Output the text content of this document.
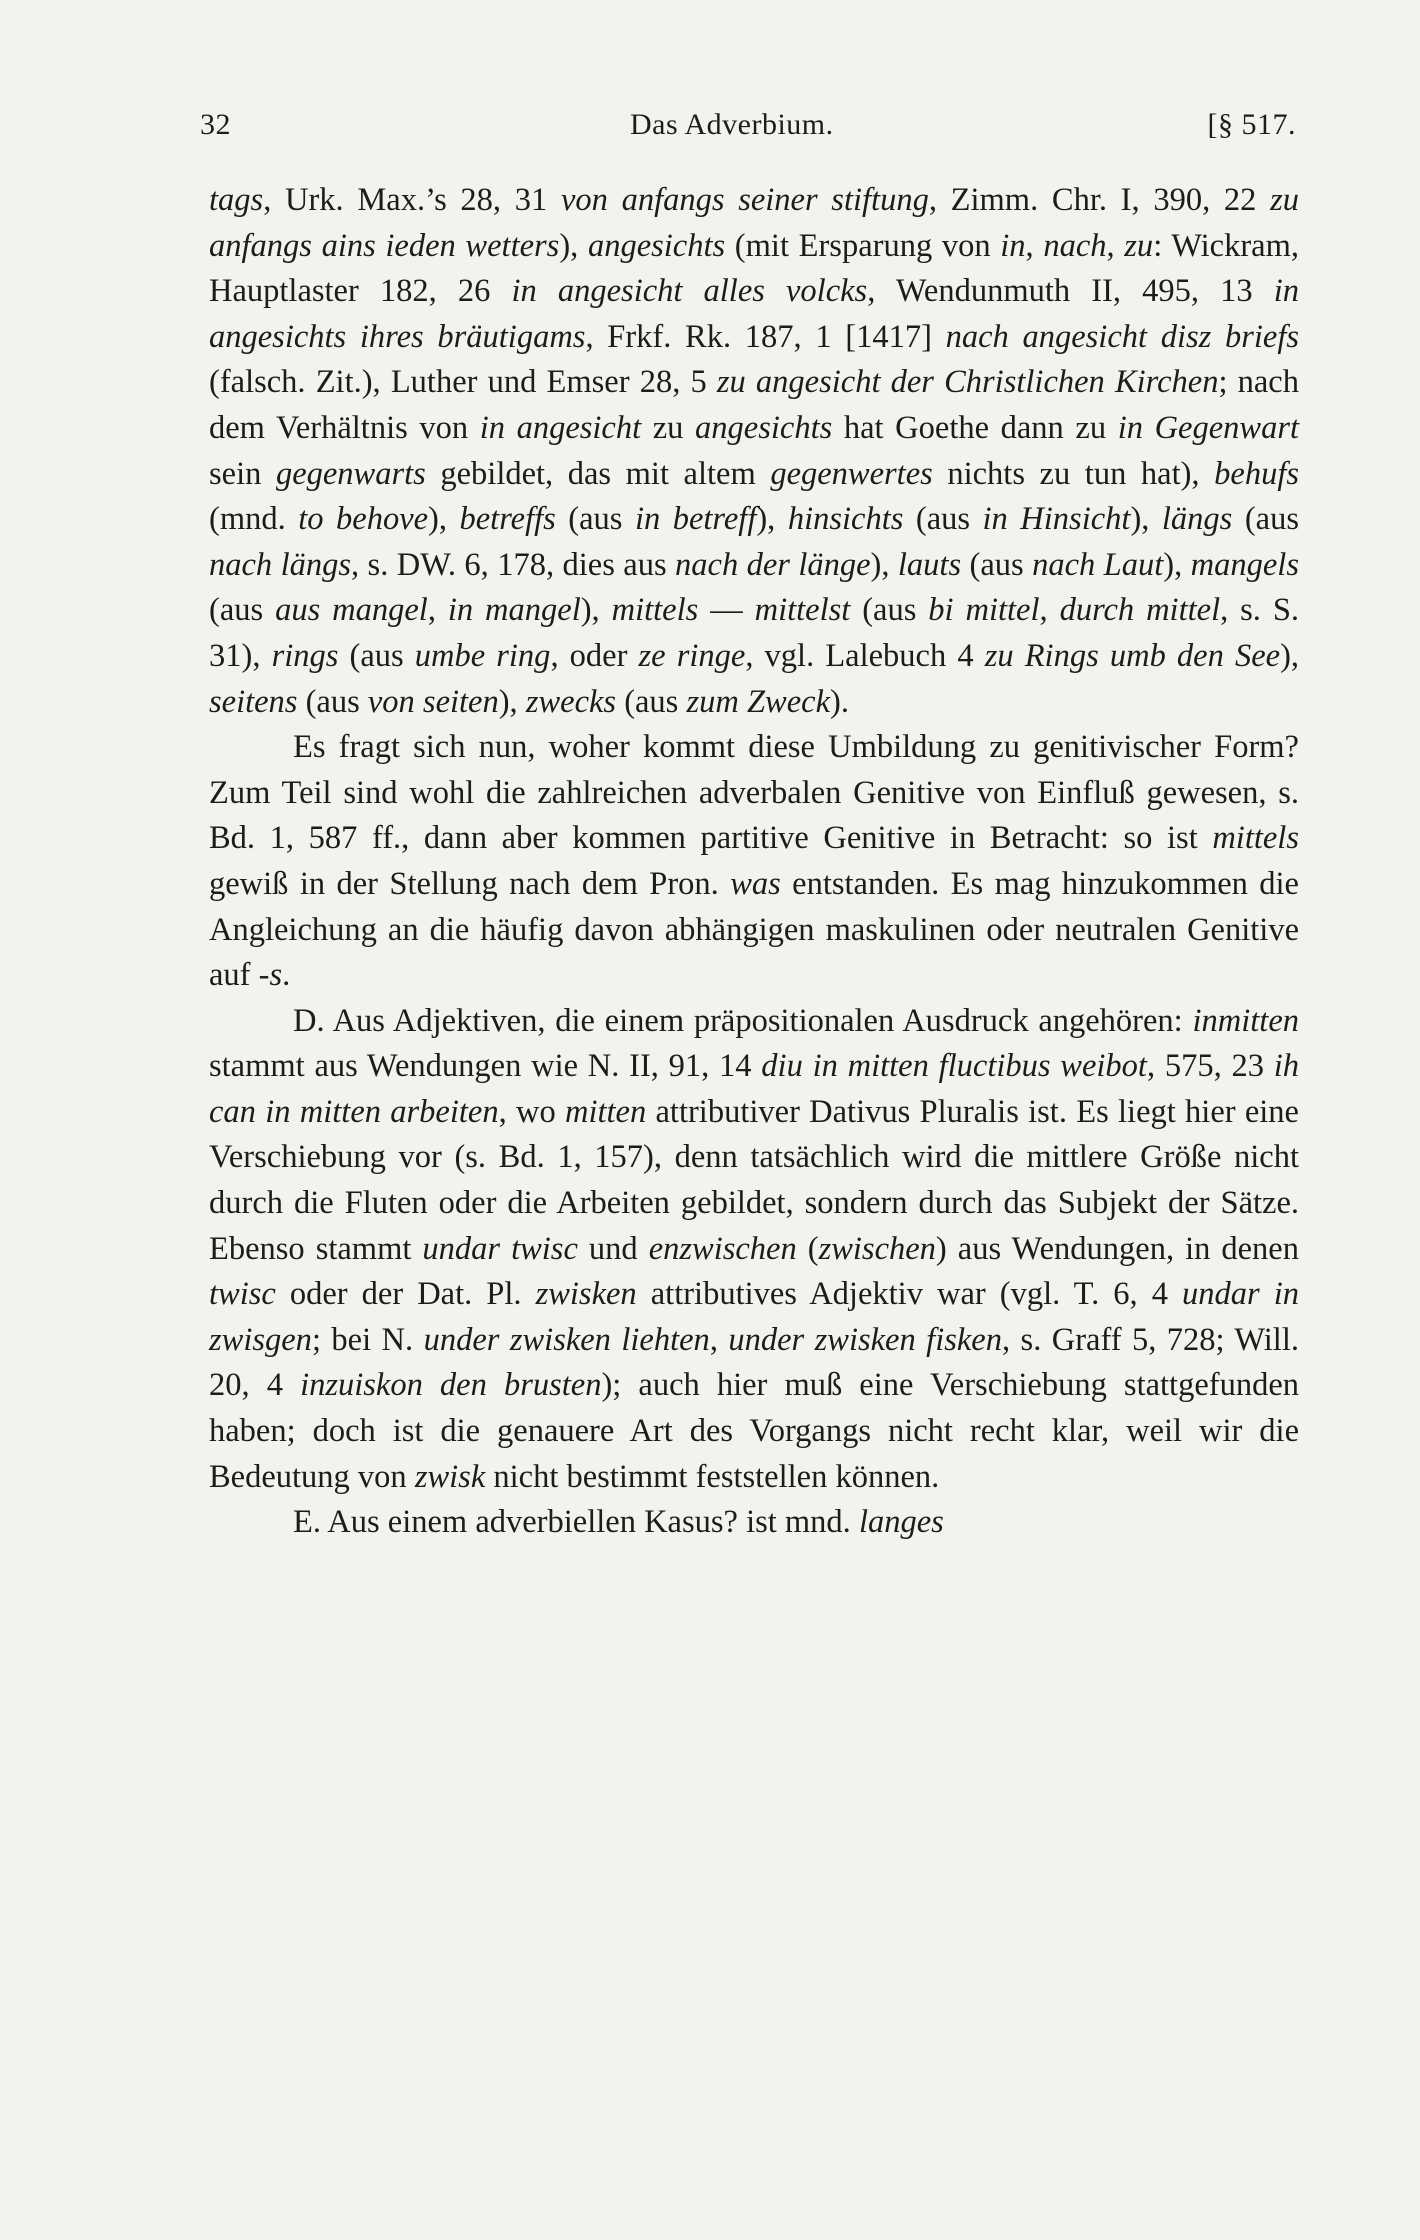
32	Das Adverbium.	[§ 517.

tags, Urk. Max.’s 28, 31 von anfangs seiner stiftung, Zimm. Chr. I, 390, 22 zu anfangs ains ieden wetters), angesichts (mit Ersparung von in, nach, zu: Wickram, Hauptlaster 182, 26 in angesicht alles volcks, Wendunmuth II, 495, 13 in angesichts ihres bräutigams, Frkf. Rk. 187, 1 [1417] nach angesicht disz briefs (falsch. Zit.), Luther und Emser 28, 5 zu angesicht der Christlichen Kirchen; nach dem Verhältnis von in angesicht zu angesichts hat Goethe dann zu in Gegenwart sein gegenwarts gebildet, das mit altem gegenwertes nichts zu tun hat), behufs (mnd. to behove), betreffs (aus in betreff), hinsichts (aus in Hinsicht), längs (aus nach längs, s. DW. 6, 178, dies aus nach der länge), lauts (aus nach Laut), mangels (aus aus mangel, in mangel), mittels — mittelst (aus bi mittel, durch mittel, s. S. 31), rings (aus umbe ring, oder ze ringe, vgl. Lalebuch 4 zu Rings umb den See), seitens (aus von seiten), zwecks (aus zum Zweck).

Es fragt sich nun, woher kommt diese Umbildung zu genitivischer Form? Zum Teil sind wohl die zahlreichen adverbalen Genitive von Einfluß gewesen, s. Bd. 1, 587 ff., dann aber kommen partitive Genitive in Betracht: so ist mittels gewiß in der Stellung nach dem Pron. was entstanden. Es mag hinzukommen die Angleichung an die häufig davon abhängigen maskulinen oder neutralen Genitive auf -s.

D. Aus Adjektiven, die einem präpositionalen Ausdruck angehören: inmitten stammt aus Wendungen wie N. II, 91, 14 diu in mitten fluctibus weibot, 575, 23 ih can in mitten arbeiten, wo mitten attributiver Dativus Pluralis ist. Es liegt hier eine Verschiebung vor (s. Bd. 1, 157), denn tatsächlich wird die mittlere Größe nicht durch die Fluten oder die Arbeiten gebildet, sondern durch das Subjekt der Sätze. Ebenso stammt undar twisc und enzwischen (zwischen) aus Wendungen, in denen twisc oder der Dat. Pl. zwisken attributives Adjektiv war (vgl. T. 6, 4 undar in zwisgen; bei N. under zwisken liehten, under zwisken fisken, s. Graff 5, 728; Will. 20, 4 inzuiskon den brusten); auch hier muß eine Verschiebung stattgefunden haben; doch ist die genauere Art des Vorgangs nicht recht klar, weil wir die Bedeutung von zwisk nicht bestimmt feststellen können.

E. Aus einem adverbiellen Kasus? ist mnd. langes
